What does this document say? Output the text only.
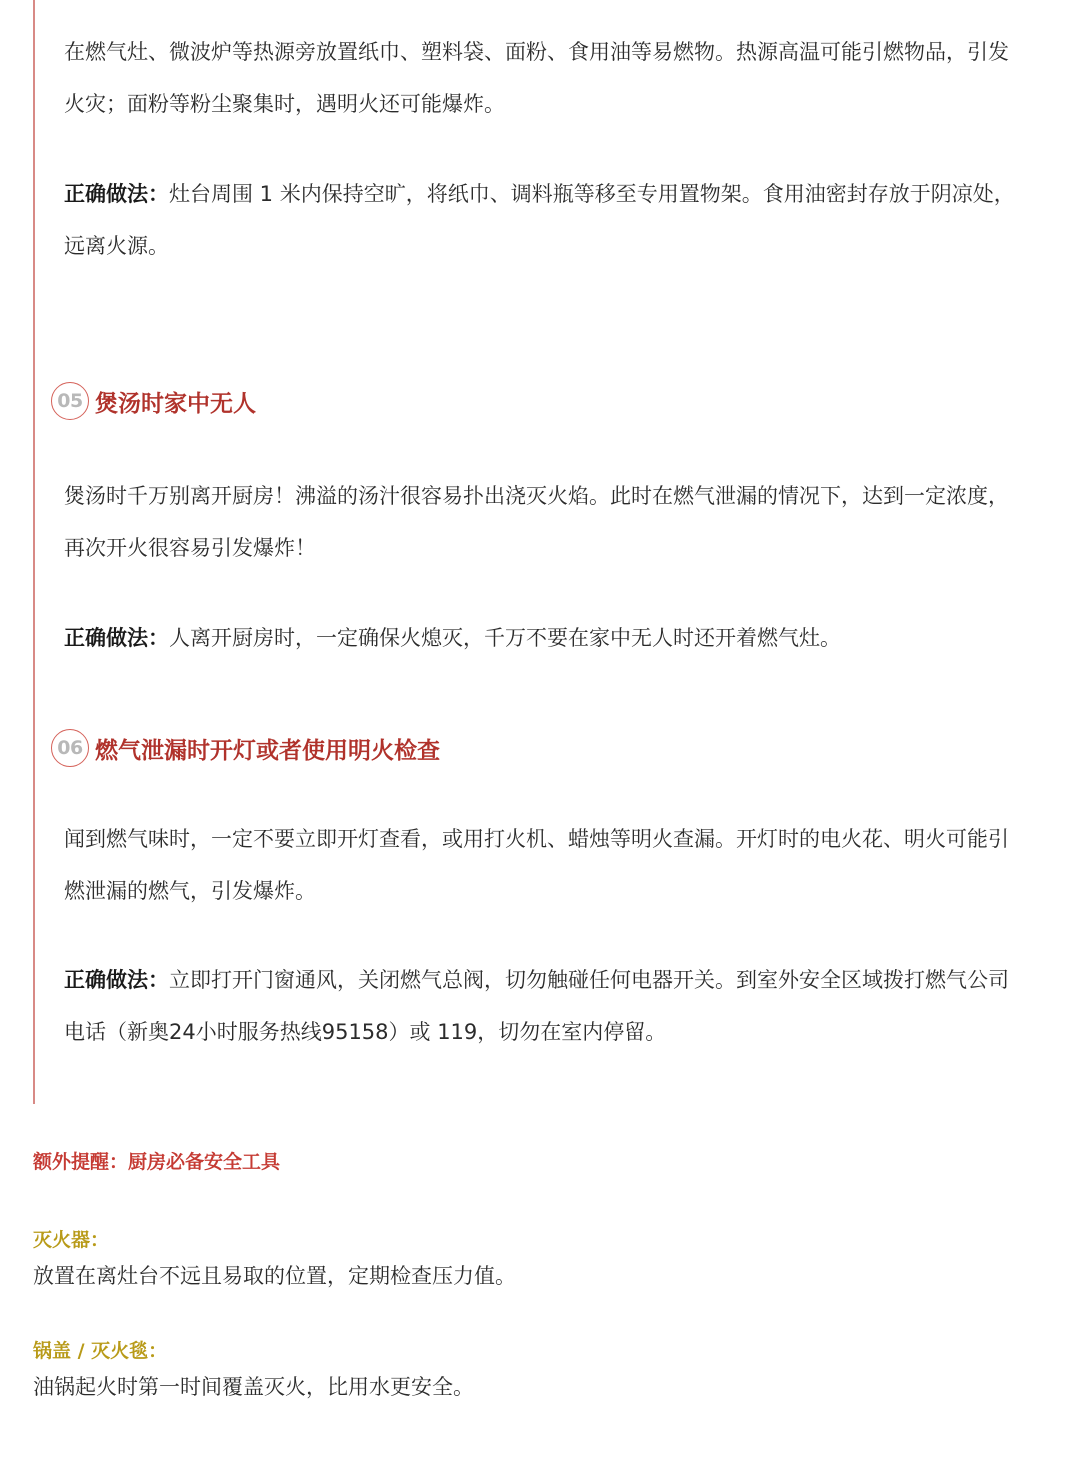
在燃气灶、微波炉等热源旁放置纸巾、塑料袋、面粉、食用油等易燃物。热源高温可能引燃物品，引发火灾；面粉等粉尘聚集时，遇明火还可能爆炸。

正确做法：灶台周围 1 米内保持空旷，将纸巾、调料瓶等移至专用置物架。食用油密封存放于阴凉处，远离火源。

05 煲汤时家中无人

煲汤时千万别离开厨房！沸溢的汤汁很容易扑出浇灭火焰。此时在燃气泄漏的情况下，达到一定浓度，再次开火很容易引发爆炸！

正确做法：人离开厨房时，一定确保火熄灭，千万不要在家中无人时还开着燃气灶。

06 燃气泄漏时开灯或者使用明火检查

闻到燃气味时，一定不要立即开灯查看，或用打火机、蜡烛等明火查漏。开灯时的电火花、明火可能引燃泄漏的燃气，引发爆炸。

正确做法：立即打开门窗通风，关闭燃气总阀，切勿触碰任何电器开关。到室外安全区域拨打燃气公司电话（新奥24小时服务热线95158）或 119，切勿在室内停留。

额外提醒：厨房必备安全工具
灭火器：
放置在离灶台不远且易取的位置，定期检查压力值。
锅盖 / 灭火毯：
油锅起火时第一时间覆盖灭火，比用水更安全。
